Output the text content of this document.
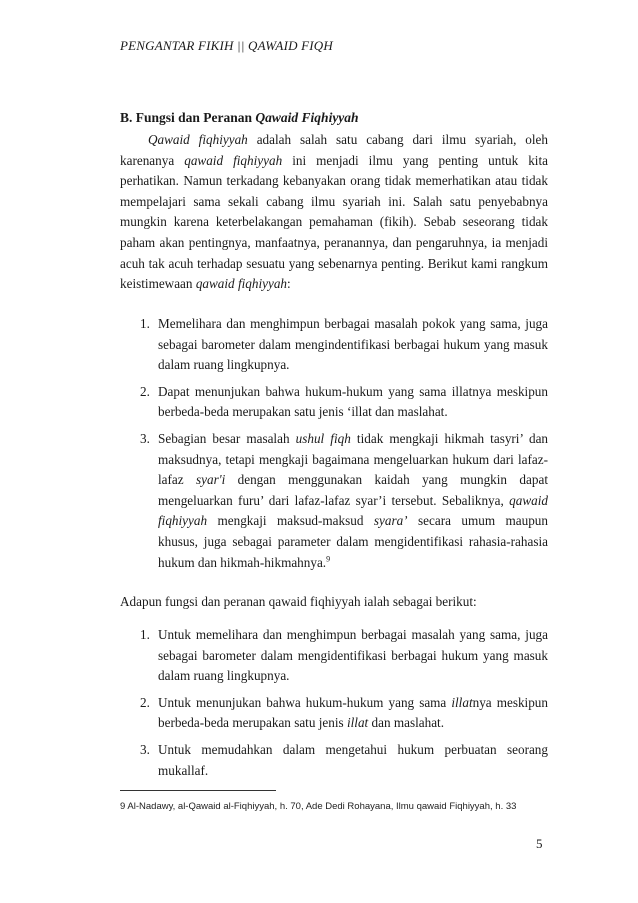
PENGANTAR FIKIH || QAWAID FIQH
B. Fungsi dan Peranan Qawaid Fiqhiyyah

Qawaid fiqhiyyah adalah salah satu cabang dari ilmu syariah, oleh karenanya qawaid fiqhiyyah ini menjadi ilmu yang penting untuk kita perhatikan. Namun terkadang kebanyakan orang tidak memerhatikan atau tidak mempelajari sama sekali cabang ilmu syariah ini. Salah satu penyebabnya mungkin karena keterbelakangan pemahaman (fikih). Sebab seseorang tidak paham akan pentingnya, manfaatnya, peranannya, dan pengaruhnya, ia menjadi acuh tak acuh terhadap sesuatu yang sebenarnya penting. Berikut kami rangkum keistimewaan qawaid fiqhiyyah:

1. Memelihara dan menghimpun berbagai masalah pokok yang sama, juga sebagai barometer dalam mengindentifikasi berbagai hukum yang masuk dalam ruang lingkupnya.
2. Dapat menunjukan bahwa hukum-hukum yang sama illatnya meskipun berbeda-beda merupakan satu jenis ‘illat dan maslahat.
3. Sebagian besar masalah ushul fiqh tidak mengkaji hikmah tasyri’ dan maksudnya, tetapi mengkaji bagaimana mengeluarkan hukum dari lafaz-lafaz syar'i dengan menggunakan kaidah yang mungkin dapat mengeluarkan furu’ dari lafaz-lafaz syar’i tersebut. Sebaliknya, qawaid fiqhiyyah mengkaji maksud-maksud syara’ secara umum maupun khusus, juga sebagai parameter dalam mengidentifikasi rahasia-rahasia hukum dan hikmah-hikmahnya.$^9$
Adapun fungsi dan peranan qawaid fiqhiyyah ialah sebagai berikut:
1. Untuk memelihara dan menghimpun berbagai masalah yang sama, juga sebagai barometer dalam mengidentifikasi berbagai hukum yang masuk dalam ruang lingkupnya.
2. Untuk menunjukan bahwa hukum-hukum yang sama illatnya meskipun berbeda-beda merupakan satu jenis illat dan maslahat.
3. Untuk memudahkan dalam mengetahui hukum perbuatan seorang mukallaf.
9 Al-Nadawy, al-Qawaid al-Fiqhiyyah, h. 70, Ade Dedi Rohayana, Ilmu qawaid Fiqhiyyah, h. 33
5
